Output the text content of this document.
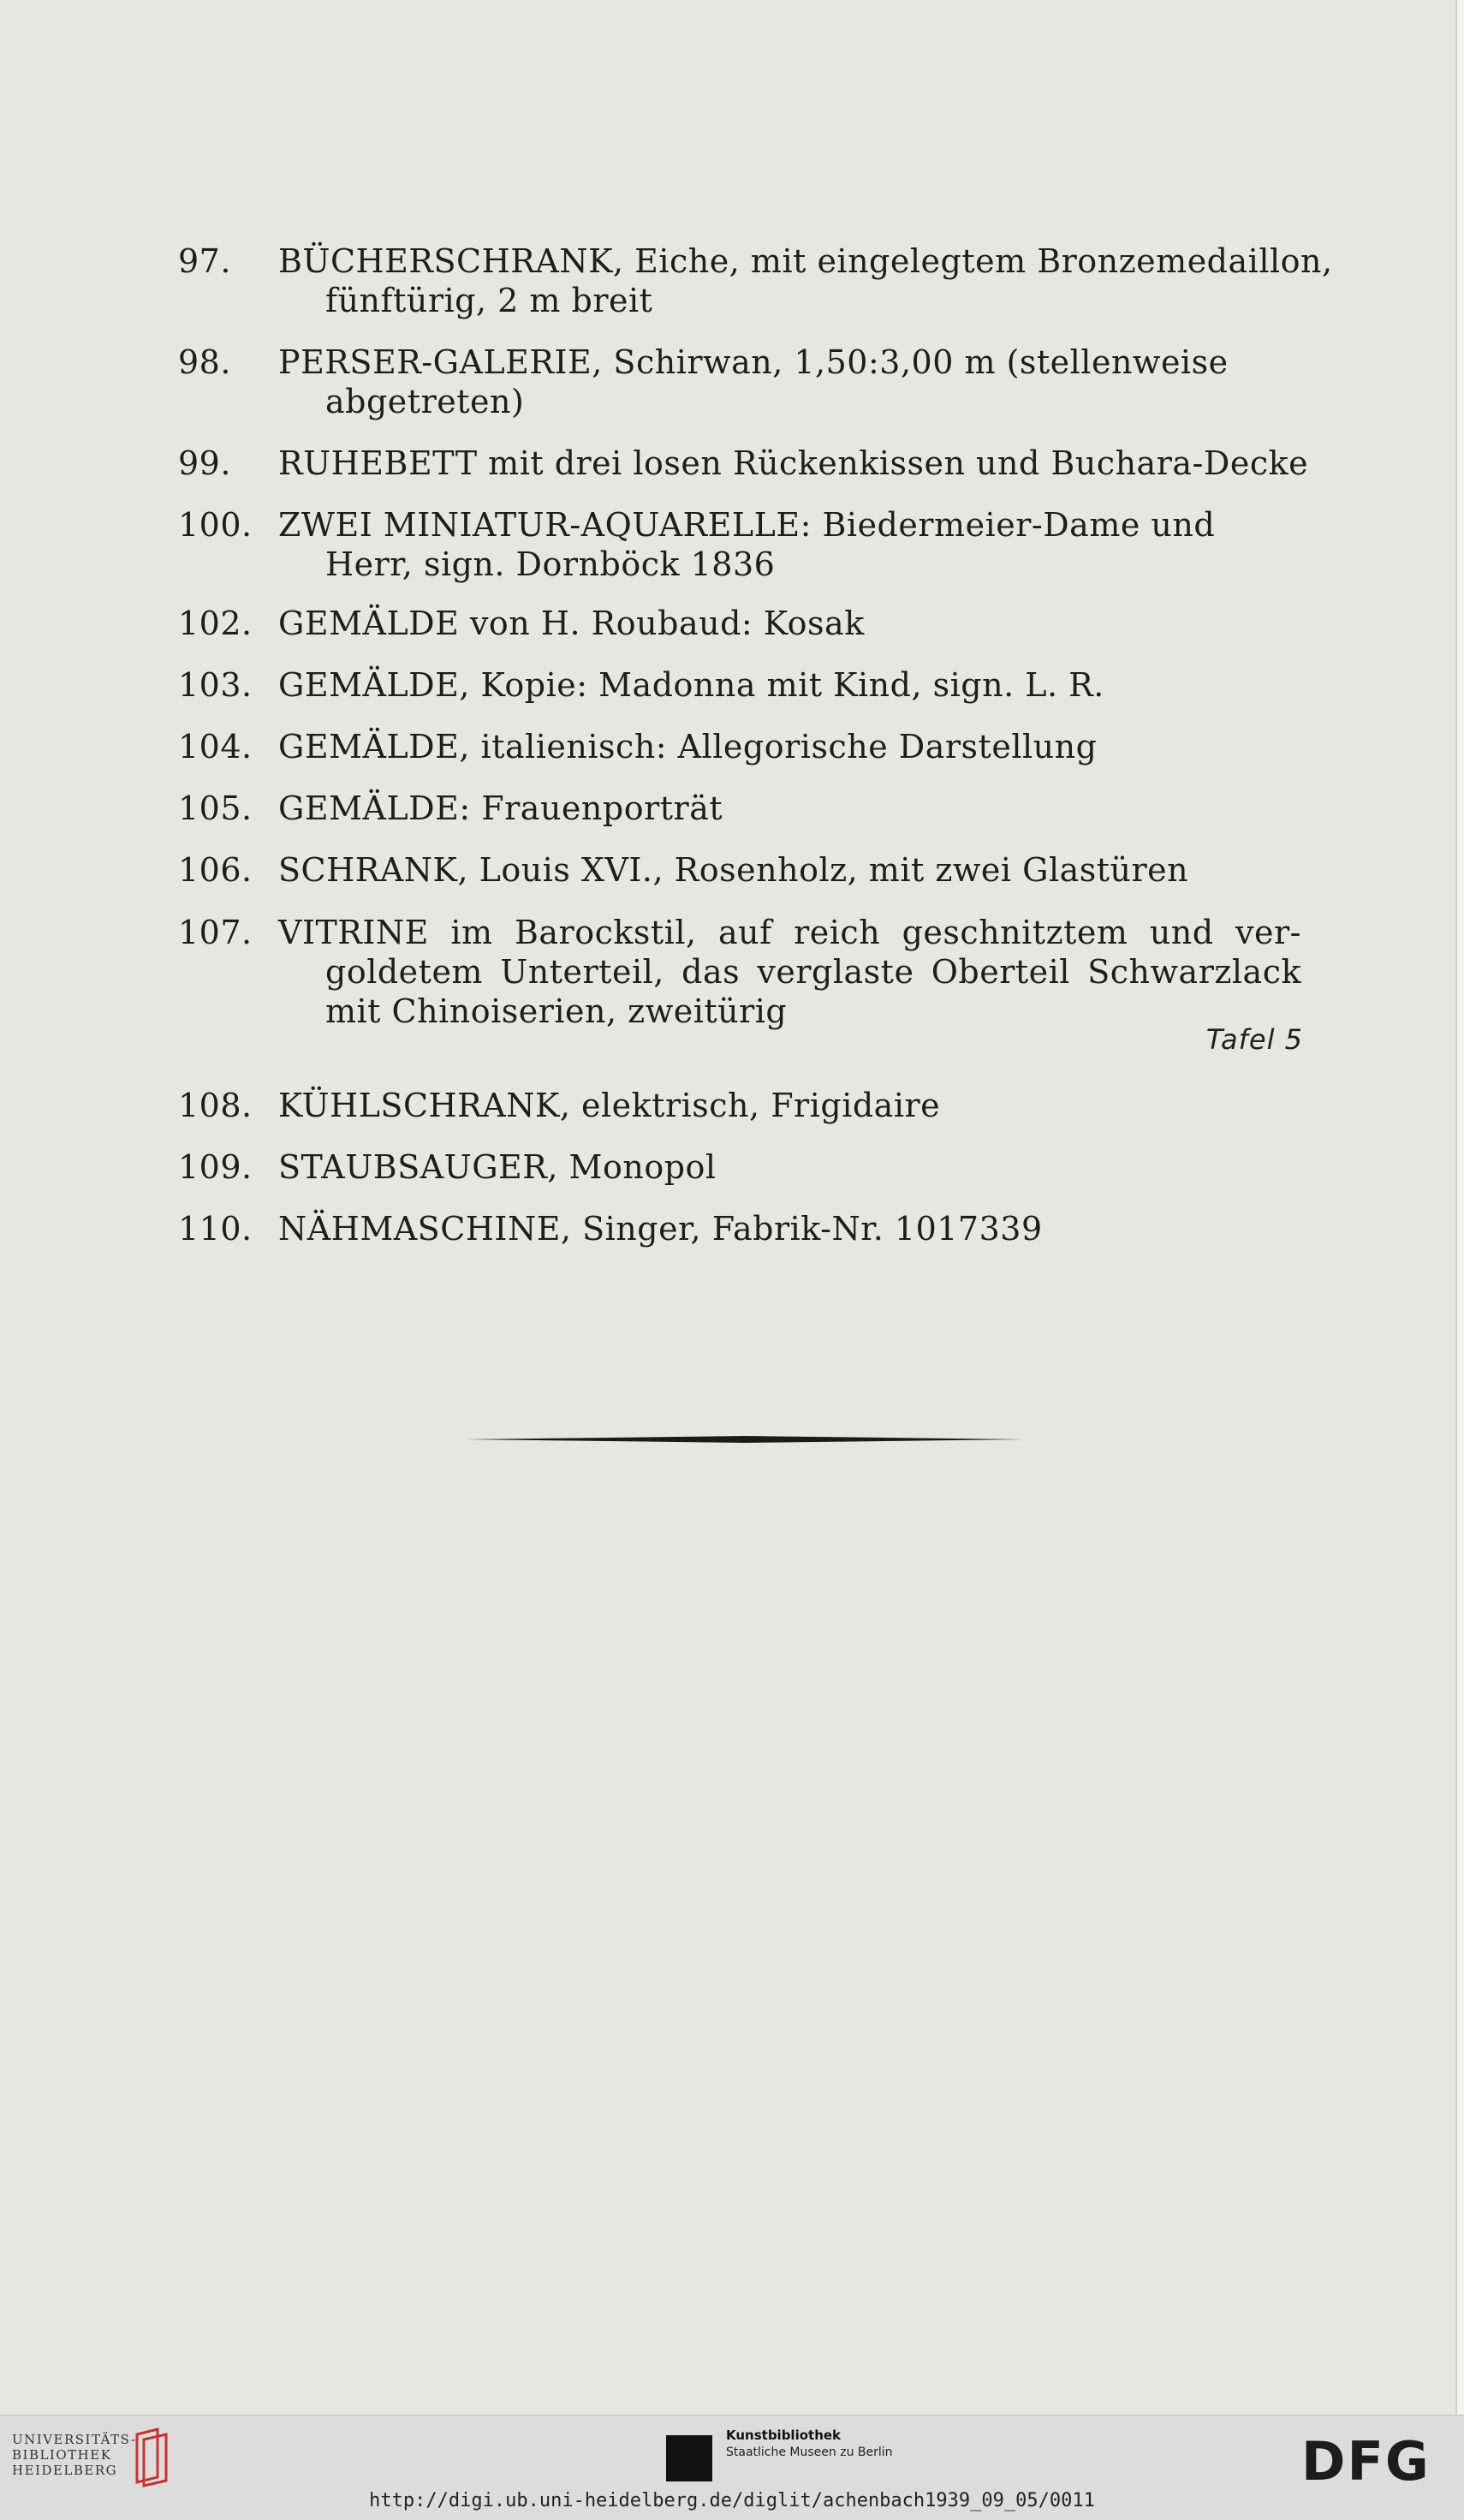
97.	BÜCHERSCHRANK, Eiche, mit eingelegtem Bronzemedaillon,
fünftürig, 2 m breit
98.	PERSER-GALERIE, Schirwan, 1,50:3,00 m (stellenweise
abgetreten)
99.	RUHEBETT mit drei losen Rückenkissen und Buchara-Decke
100. ZWEI MINIATUR-AQUARELLE: Biedermeier-Dame und
Herr, sign. Dornböck 1836
102. GEMÄLDE von H. Roubaud: Kosak
103. GEMÄLDE, Kopie: Madonna mit Kind, sign. L. R.
104. GEMÄLDE, italienisch: Allegorische Darstellung
105. GEMÄLDE: Frauenporträt
106. SCHRANK, Louis XVI., Rosenholz, mit zwei Glastüren
107. VITRINE im Barockstil, auf reich geschnitztem und ver-
goldetem Unterteil, das verglaste Oberteil Schwarzlack
mit Chinoiserien, zweitürig
Tafel 5
108. KÜHLSCHRANK, elektrisch, Frigidaire
109. STAUBSAUGER, Monopol
110. NÄHMASCHINE, Singer, Fabrik-Nr. 1017339
UNIVERSITÄTS-
BIBLIOTHEK
HEIDELBERG
Kunstbibliothek
Staatliche Museen zu Berlin	DFG
http://digi.ub.uni-heidelberg.de/diglit/achenbach1939_09_05/0011
